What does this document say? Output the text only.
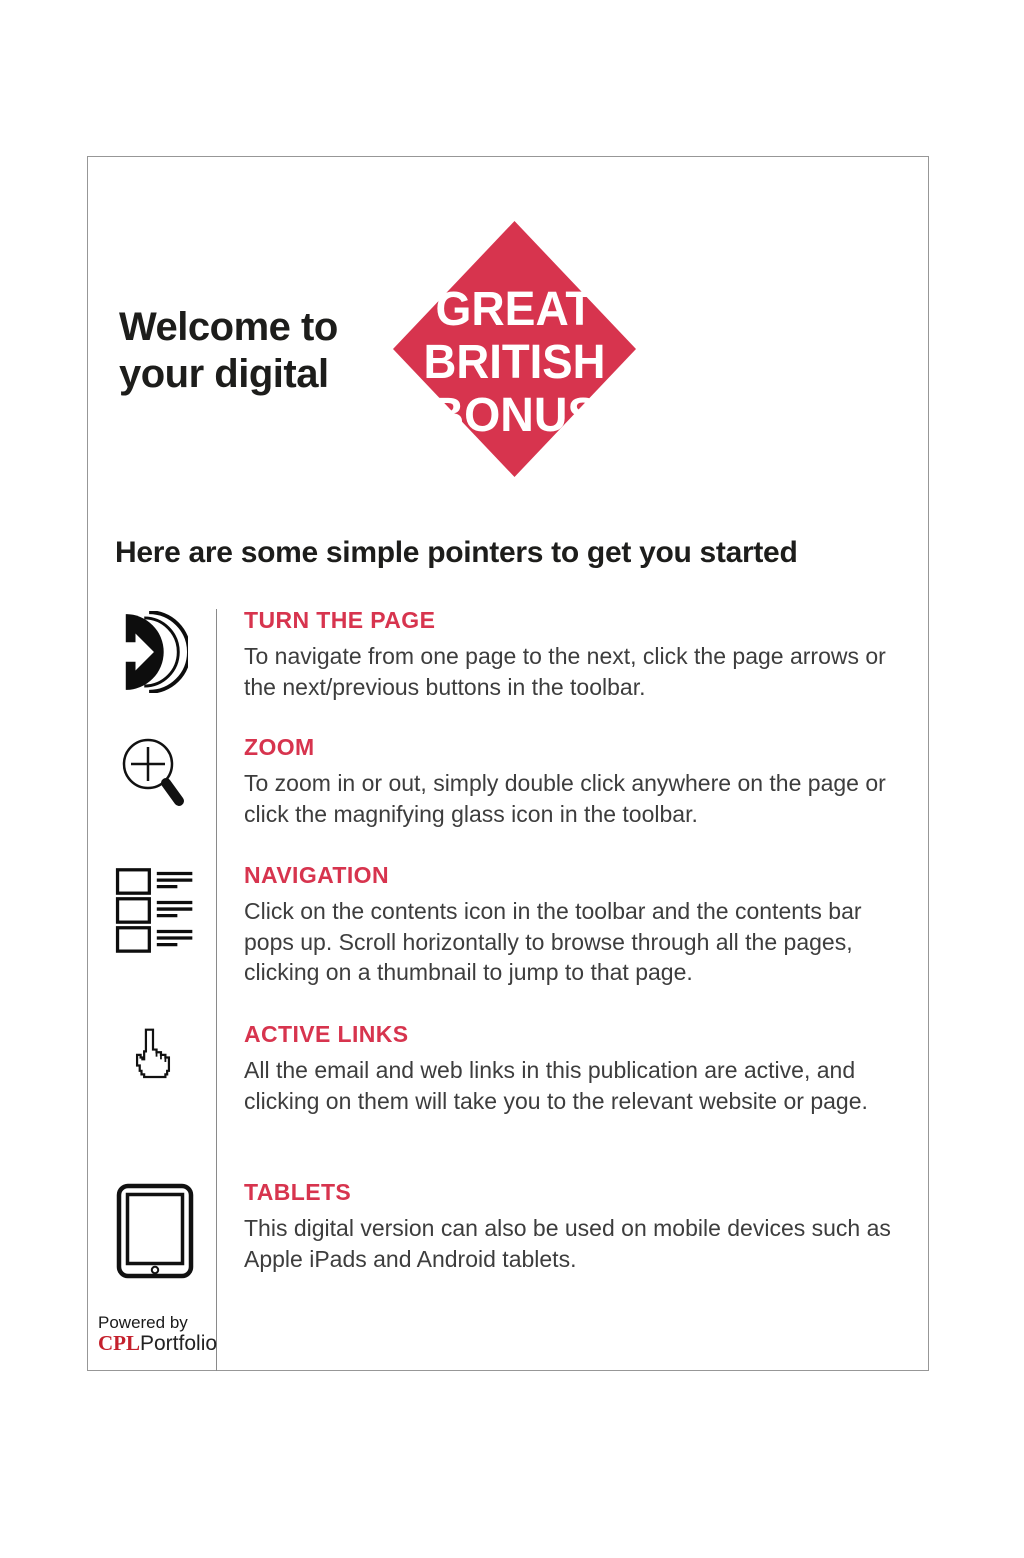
Welcome to
your digital
GREAT
BRITISH
BONUS
Here are some simple pointers to get you started
TURN THE PAGE

To navigate from one page to the next, click the page arrows or the next/previous buttons in the toolbar.

ZOOM

To zoom in or out, simply double click anywhere on the page or click the magnifying glass icon in the toolbar.

NAVIGATION

Click on the contents icon in the toolbar and the contents bar pops up. Scroll horizontally to browse through all the pages, clicking on a thumbnail to jump to that page.

ACTIVE LINKS

All the email and web links in this publication are active, and clicking on them will take you to the relevant website or page.

TABLETS

This digital version can also be used on mobile devices such as Apple iPads and Android tablets.

Powered by
CPLPortfolio
